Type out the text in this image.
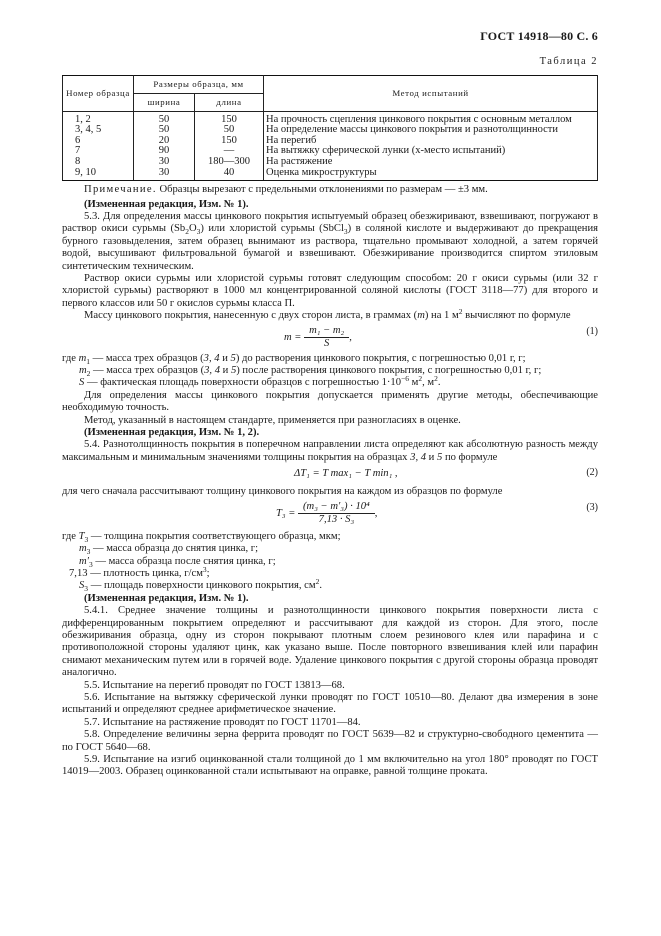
ГОСТ 14918—80 С. 6
Таблица 2
Номер образца	Размеры образца, мм		Метод испытаний
	ширина	длина	
1, 2	50	150	На прочность сцепления цинкового покрытия с основным металлом
3, 4, 5	50	50	На определение массы цинкового покрытия и разнотолщинности
6	20	150	На перегиб
7	90	—	На вытяжку сферической лунки (x-место испытаний)
8	30	180—300	На растяжение
9, 10	30	40	Оценка микроструктуры

Примечание. Образцы вырезают с предельными отклонениями по размерам — ±3 мм.

(Измененная редакция, Изм. № 1).

5.3. Для определения массы цинкового покрытия испытуемый образец обезжиривают, взвешивают, погружают в раствор окиси сурьмы $(Sb_2O_3)$ или хлористой сурьмы (SbCl$_3$) в соляной кислоте и выдерживают до прекращения бурного газовыделения, затем образец вынимают из раствора, тщательно промывают холодной, а затем горячей водой, высушивают фильтровальной бумагой и взвешивают. Обезжиривание производится спиртом этиловым синтетическим техническим.

Раствор окиси сурьмы или хлористой сурьмы готовят следующим способом: 20 г окиси сурьмы (или 32 г хлористой сурьмы) растворяют в 1000 мл концентрированной соляной кислоты (ГОСТ 3118—77) для второго и первого классов или 50 г окислов сурьмы класса П.

Массу цинкового покрытия, нанесенную с двух сторон листа, в граммах (m) на 1 $м^2$ вычисляют по формуле

$m = \frac{\text{m₁ − m₂}}{S}$ ,
(1)

где $m_1$ — масса трех образцов (3, 4 и 5) до растворения цинкового покрытия, с погрешностью 0,01 г, г;

$m_2$ — масса трех образцов (3, 4 и 5) после растворения цинкового покрытия, с погрешностью 0,01 г, г;

S — фактическая площадь поверхности образцов с погрешностью $1\cdot 10^{-6}$ $м^2$, $м^2$.

Для определения массы цинкового покрытия допускается применять другие методы, обеспечивающие необходимую точность.

Метод, указанный в настоящем стандарте, применяется при разногласиях в оценке.

(Измененная редакция, Изм. № 1, 2).

5.4. Разнотолщинность покрытия в поперечном направлении листа определяют как абсолютную разность между максимальным и минимальным значениями толщины покрытия на образцах 3, 4 и 5 по формуле

ΔT₁ = T max₁ − T min₁ ,	(2)

для чего сначала рассчитывают толщину цинкового покрытия на каждом из образцов по формуле

$T_3 = \frac{\text{(m₃ − m′₃) · 10⁴}}{\text{7,13 · S₃}}$ ,
(3)

где $T_3$ — толщина покрытия соответствующего образца, мкм;

$m_3$ — масса образца до снятия цинка, г;

$m'_3$ — масса образца после снятия цинка, г;

7,13 — плотность цинка, $г/см^3$;

$S_3$ — площадь поверхности цинкового покрытия, $см^2$.

(Измененная редакция, Изм. № 1).

5.4.1. Среднее значение толщины и разнотолщинности цинкового покрытия поверхности листа с дифференцированным покрытием определяют и рассчитывают для каждой из сторон. Для этого, после обезжиривания образца, одну из сторон покрывают плотным слоем резинового клея или парафина и с противоположной стороны удаляют цинк, как указано выше. После повторного взвешивания клей или парафин снимают механическим путем или в горячей воде. Удаление цинкового покрытия с другой стороны образца проводят аналогично.

5.5. Испытание на перегиб проводят по ГОСТ 13813—68.

5.6. Испытание на вытяжку сферической лунки проводят по ГОСТ 10510—80. Делают два измерения в зоне испытаний и определяют среднее арифметическое значение.

5.7. Испытание на растяжение проводят по ГОСТ 11701—84.

5.8. Определение величины зерна феррита проводят по ГОСТ 5639—82 и структурно-свободного цементита — по ГОСТ 5640—68.

5.9. Испытание на изгиб оцинкованной стали толщиной до 1 мм включительно на угол 180° проводят по ГОСТ 14019—2003. Образец оцинкованной стали испытывают на оправке, равной толщине проката.
